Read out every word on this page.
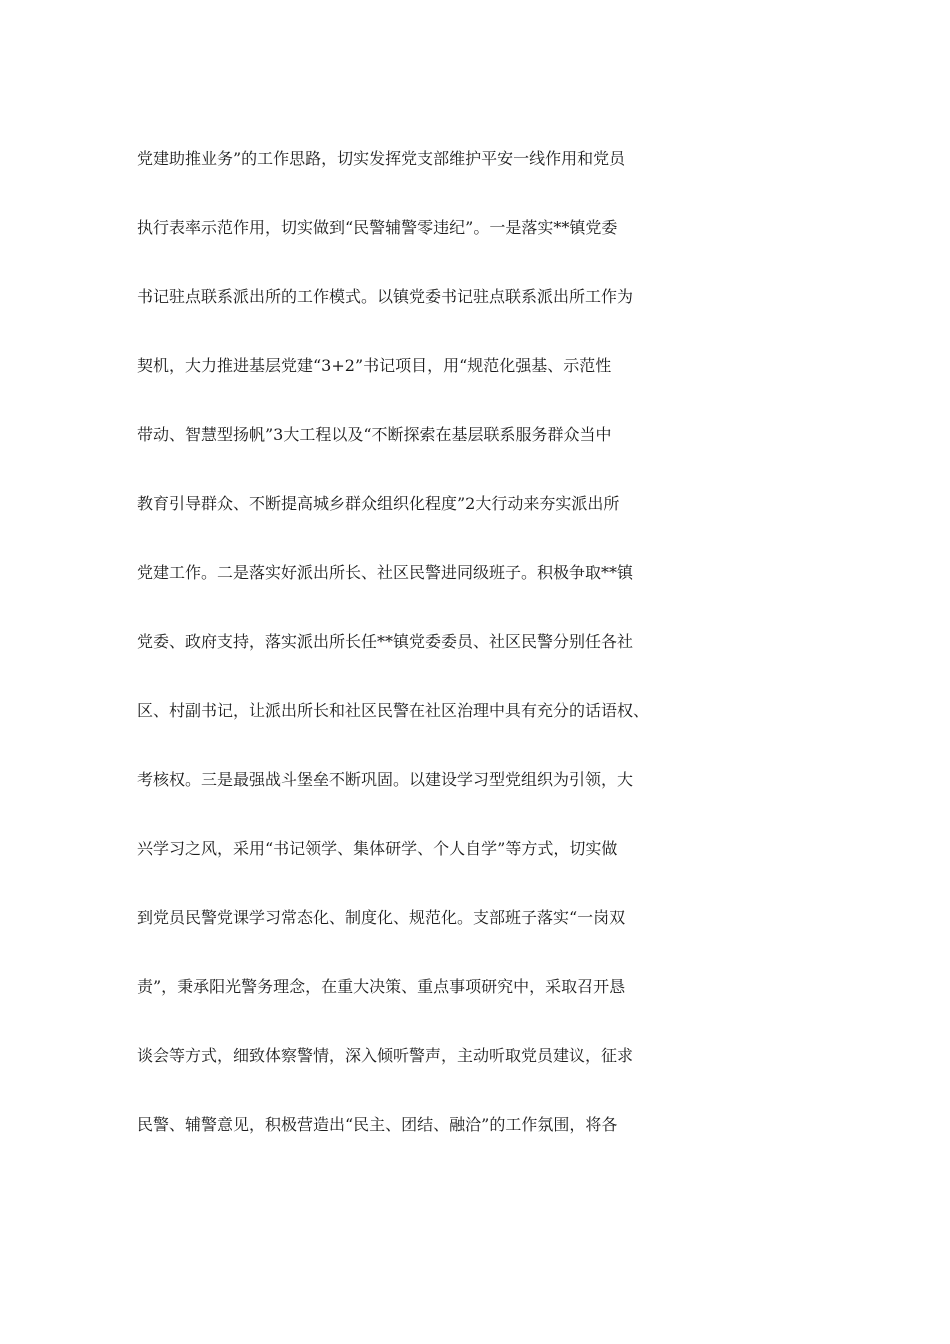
党建助推业务”的工作思路，切实发挥党支部维护平安一线作用和党员
执行表率示范作用，切实做到“民警辅警零违纪”。一是落实**镇党委
书记驻点联系派出所的工作模式。以镇党委书记驻点联系派出所工作为
契机，大力推进基层党建“3+2”书记项目，用“规范化强基、示范性
带动、智慧型扬帆”3大工程以及“不断探索在基层联系服务群众当中
教育引导群众、不断提高城乡群众组织化程度”2大行动来夯实派出所
党建工作。二是落实好派出所长、社区民警进同级班子。积极争取**镇
党委、政府支持，落实派出所长任**镇党委委员、社区民警分别任各社
区、村副书记，让派出所长和社区民警在社区治理中具有充分的话语权、
考核权。三是最强战斗堡垒不断巩固。以建设学习型党组织为引领，大
兴学习之风，采用“书记领学、集体研学、个人自学”等方式，切实做
到党员民警党课学习常态化、制度化、规范化。支部班子落实“一岗双
责”，秉承阳光警务理念，在重大决策、重点事项研究中，采取召开恳
谈会等方式，细致体察警情，深入倾听警声，主动听取党员建议，征求
民警、辅警意见，积极营造出“民主、团结、融洽”的工作氛围，将各
